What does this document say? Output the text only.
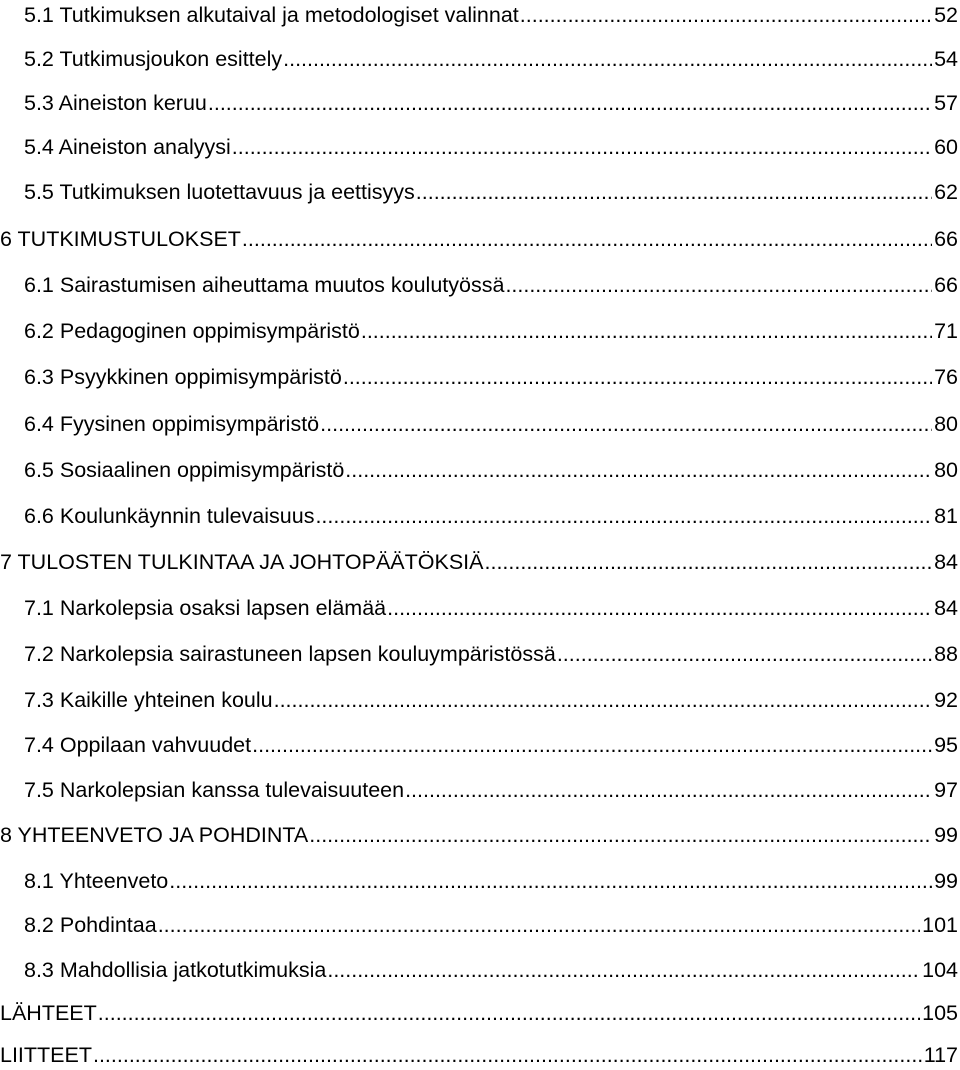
5.1 Tutkimuksen alkutaival ja metodologiset valinnat .....	52
5.2 Tutkimusjoukon esittely .....	54
5.3 Aineiston keruu .....	57
5.4 Aineiston analyysi .....	60
5.5 Tutkimuksen luotettavuus ja eettisyys .....	62
6 TUTKIMUSTULOKSET .....	66
6.1 Sairastumisen aiheuttama muutos koulutyössä .....	66
6.2 Pedagoginen oppimisympäristö .....	71
6.3 Psyykkinen oppimisympäristö .....	76
6.4 Fyysinen oppimisympäristö .....	80
6.5 Sosiaalinen oppimisympäristö .....	80
6.6 Koulunkäynnin tulevaisuus .....	81
7 TULOSTEN TULKINTAA JA JOHTOPÄÄTÖKSIÄ .....	84
7.1 Narkolepsia osaksi lapsen elämää .....	84
7.2 Narkolepsia sairastuneen lapsen kouluympäristössä .....	88
7.3 Kaikille yhteinen koulu .....	92
7.4 Oppilaan vahvuudet .....	95
7.5 Narkolepsian kanssa tulevaisuuteen .....	97
8 YHTEENVETO JA POHDINTA .....	99
8.1 Yhteenveto .....	99
8.2 Pohdintaa .....	101
8.3 Mahdollisia jatkotutkimuksia .....	104
LÄHTEET .....	105
LIITTEET .....	117
